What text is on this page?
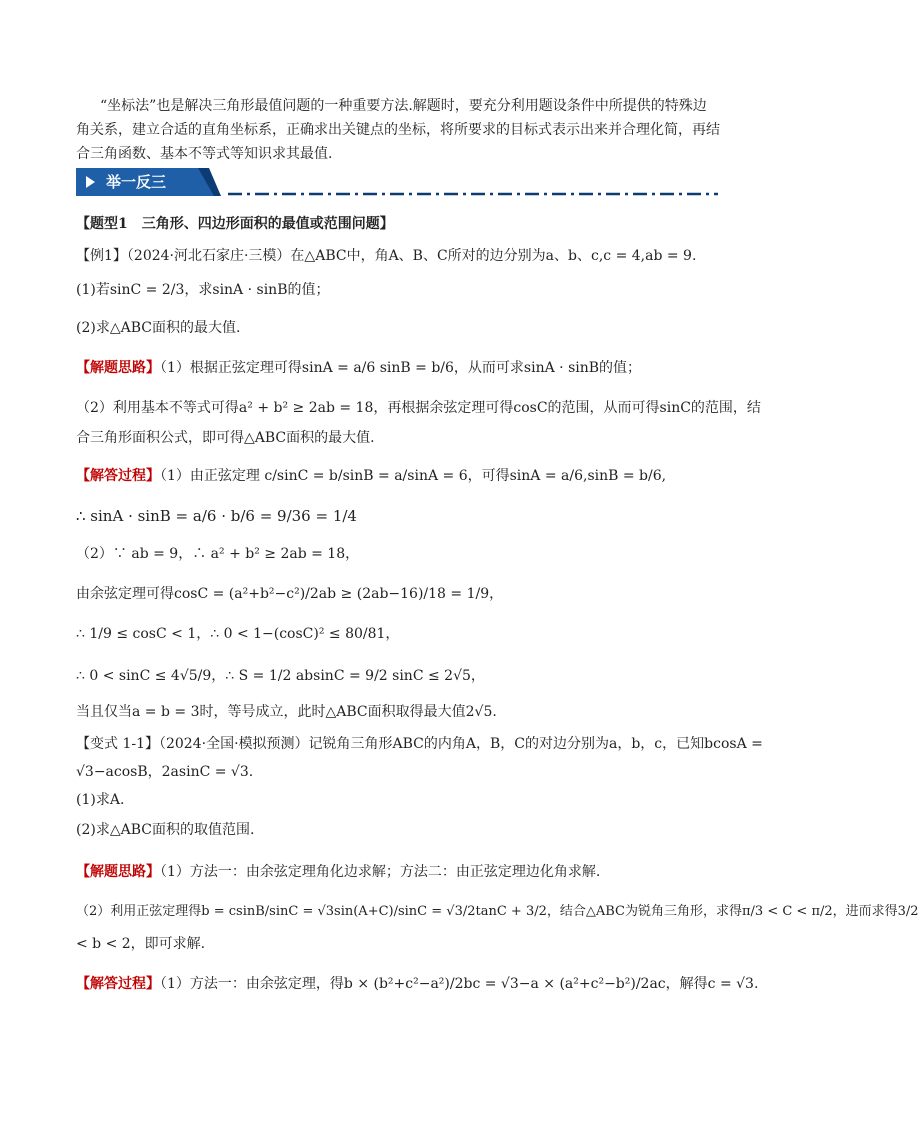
“坐标法”也是解决三角形最值问题的一种重要方法.解题时，要充分利用题设条件中所提供的特殊边
角关系，建立合适的直角坐标系，正确求出关键点的坐标，将所要求的目标式表示出来并合理化简，再结
合三角函数、基本不等式等知识求其最值.
举一反三
【题型1　三角形、四边形面积的最值或范围问题】
【例1】（2024·河北石家庄·三模）在△ABC中，角A、B、C所对的边分别为a、b、c,c = 4,ab = 9.
(1)若sinC = 2/3，求sinA · sinB的值；
(2)求△ABC面积的最大值.
【解题思路】（1）根据正弦定理可得sinA = a/6 sinB = b/6，从而可求sinA · sinB的值；
（2）利用基本不等式可得a² + b² ≥ 2ab = 18，再根据余弦定理可得cosC的范围，从而可得sinC的范围，结
合三角形面积公式，即可得△ABC面积的最大值.
【解答过程】（1）由正弦定理 c/sinC = b/sinB = a/sinA = 6，可得sinA = a/6,sinB = b/6,
∴ sinA · sinB = a/6 · b/6 = 9/36 = 1/4
（2）∵ ab = 9，∴ a² + b² ≥ 2ab = 18，
由余弦定理可得cosC = (a²+b²−c²)/2ab ≥ (2ab−16)/18 = 1/9，
∴ 1/9 ≤ cosC < 1，∴ 0 < 1−(cosC)² ≤ 80/81，
∴ 0 < sinC ≤ 4√5/9，∴ S = 1/2 absinC = 9/2 sinC ≤ 2√5，
当且仅当a = b = 3时，等号成立，此时△ABC面积取得最大值2√5.
【变式 1-1】（2024·全国·模拟预测）记锐角三角形ABC的内角A，B，C的对边分别为a，b，c，已知bcosA =
√3−acosB，2asinC = √3.
(1)求A.
(2)求△ABC面积的取值范围.
【解题思路】（1）方法一：由余弦定理角化边求解；方法二：由正弦定理边化角求解.
（2）利用正弦定理得b = csinB/sinC = √3sin(A+C)/sinC = √3/2tanC + 3/2，结合△ABC为锐角三角形，求得π/3 < C < π/2，进而求得3/2
< b < 2，即可求解.
【解答过程】（1）方法一：由余弦定理，得b × (b²+c²−a²)/2bc = √3−a × (a²+c²−b²)/2ac，解得c = √3.
